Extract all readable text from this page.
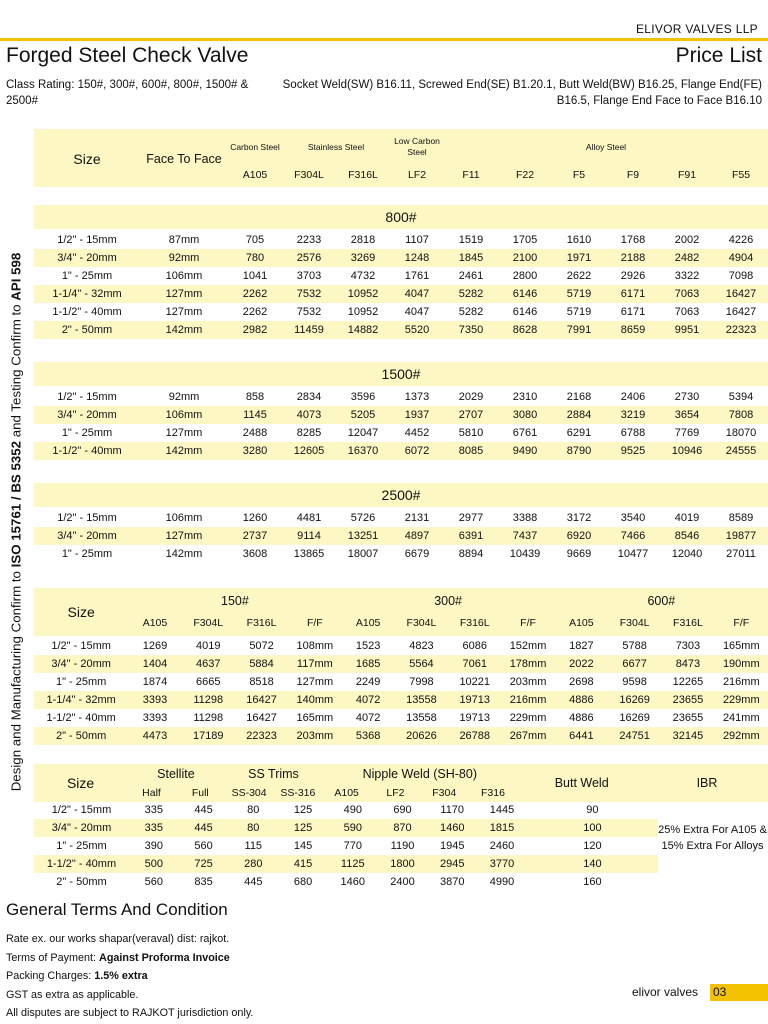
ELIVOR VALVES LLP
Forged Steel Check Valve	Price List
Class Rating: 150#, 300#, 600#, 800#, 1500# & 2500#
Socket Weld(SW) B16.11, Screwed End(SE) B1.20.1, Butt Weld(BW) B16.25, Flange End(FE) B16.5, Flange End Face to Face B16.10
Design and Manufacturing Confirm to ISO 15761 / BS 5352 and Testing Confirm to API 598
Size	Face To Face	Carbon Steel	Stainless Steel		Low Carbon Steel	Alloy Steel					
		A105	F304L	F316L	LF2	F11	F22	F5	F9	F91	F55
800#
1/2" - 15mm	87mm	705	2233	2818	1107	1519	1705	1610	1768	2002	4226
3/4" - 20mm	92mm	780	2576	3269	1248	1845	2100	1971	2188	2482	4904
1" - 25mm	106mm	1041	3703	4732	1761	2461	2800	2622	2926	3322	7098
1-1/4" - 32mm	127mm	2262	7532	10952	4047	5282	6146	5719	6171	7063	16427
1-1/2" - 40mm	127mm	2262	7532	10952	4047	5282	6146	5719	6171	7063	16427
2" - 50mm	142mm	2982	11459	14882	5520	7350	8628	7991	8659	9951	22323
1500#
1/2" - 15mm	92mm	858	2834	3596	1373	2029	2310	2168	2406	2730	5394
3/4" - 20mm	106mm	1145	4073	5205	1937	2707	3080	2884	3219	3654	7808
1" - 25mm	127mm	2488	8285	12047	4452	5810	6761	6291	6788	7769	18070
1-1/2" - 40mm	142mm	3280	12605	16370	6072	8085	9490	8790	9525	10946	24555
2500#
1/2" - 15mm	106mm	1260	4481	5726	2131	2977	3388	3172	3540	4019	8589
3/4" - 20mm	127mm	2737	9114	13251	4897	6391	7437	6920	7466	8546	19877
1" - 25mm	142mm	3608	13865	18007	6679	8894	10439	9669	10477	12040	27011
Size	150#				300#				600#			
	A105	F304L	F316L	F/F	A105	F304L	F316L	F/F	A105	F304L	F316L	F/F
1/2" - 15mm	1269	4019	5072	108mm	1523	4823	6086	152mm	1827	5788	7303	165mm
3/4" - 20mm	1404	4637	5884	117mm	1685	5564	7061	178mm	2022	6677	8473	190mm
1" - 25mm	1874	6665	8518	127mm	2249	7998	10221	203mm	2698	9598	12265	216mm
1-1/4" - 32mm	3393	11298	16427	140mm	4072	13558	19713	216mm	4886	16269	23655	229mm
1-1/2" - 40mm	3393	11298	16427	165mm	4072	13558	19713	229mm	4886	16269	23655	241mm
2" - 50mm	4473	17189	22323	203mm	5368	20626	26788	267mm	6441	24751	32145	292mm
Size	Stellite		SS Trims		Nipple Weld (SH-80)				Butt Weld	IBR
	Half	Full	SS-304	SS-316	A105	LF2	F304	F316		
1/2" - 15mm	335	445	80	125	490	690	1170	1445	90
3/4" - 20mm	335	445	80	125	590	870	1460	1815	100
1" - 25mm	390	560	115	145	770	1190	1945	2460	120
1-1/2" - 40mm	500	725	280	415	1125	1800	2945	3770	140
2" - 50mm	560	835	445	680	1460	2400	3870	4990	160
25% Extra For A105 & 15% Extra For Alloys
General Terms And Condition
Rate ex. our works shapar(veraval) dist: rajkot.
Terms of Payment: Against Proforma Invoice
Packing Charges: 1.5% extra
GST as extra as applicable.
All disputes are subject to RAJKOT jurisdiction only.
elivor valves 03
